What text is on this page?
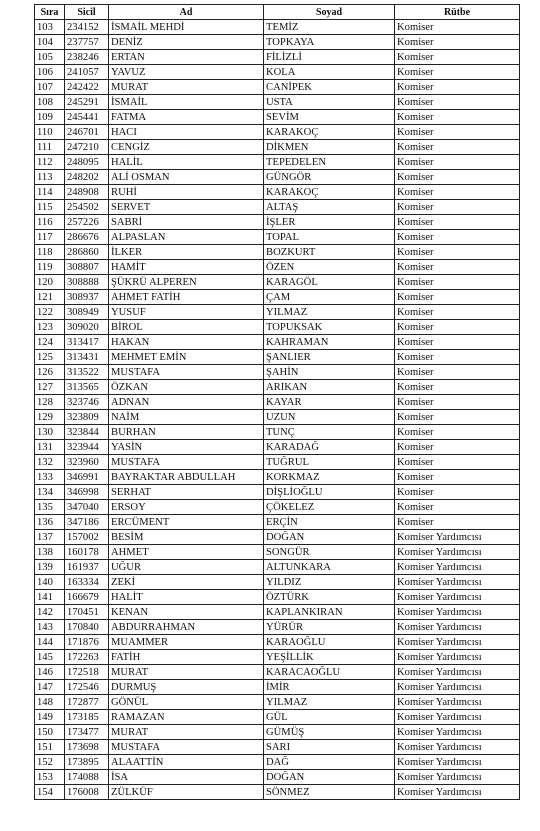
Sıra	Sicil	Ad	Soyad	Rütbe
103	234152	İSMAİL MEHDİ	TEMİZ	Komiser
104	237757	DENİZ	TOPKAYA	Komiser
105	238246	ERTAN	FİLİZLİ	Komiser
106	241057	YAVUZ	KOLA	Komiser
107	242422	MURAT	CANİPEK	Komiser
108	245291	İSMAİL	USTA	Komiser
109	245441	FATMA	SEVİM	Komiser
110	246701	HACI	KARAKOÇ	Komiser
111	247210	CENGİZ	DİKMEN	Komiser
112	248095	HALİL	TEPEDELEN	Komiser
113	248202	ALİ OSMAN	GÜNGÖR	Komiser
114	248908	RUHİ	KARAKOÇ	Komiser
115	254502	SERVET	ALTAŞ	Komiser
116	257226	SABRİ	İŞLER	Komiser
117	286676	ALPASLAN	TOPAL	Komiser
118	286860	İLKER	BOZKURT	Komiser
119	308807	HAMİT	ÖZEN	Komiser
120	308888	ŞÜKRÜ ALPEREN	KARAGÖL	Komiser
121	308937	AHMET FATİH	ÇAM	Komiser
122	308949	YUSUF	YILMAZ	Komiser
123	309020	BİROL	TOPUKSAK	Komiser
124	313417	HAKAN	KAHRAMAN	Komiser
125	313431	MEHMET EMİN	ŞANLIER	Komiser
126	313522	MUSTAFA	ŞAHİN	Komiser
127	313565	ÖZKAN	ARIKAN	Komiser
128	323746	ADNAN	KAYAR	Komiser
129	323809	NAİM	UZUN	Komiser
130	323844	BURHAN	TUNÇ	Komiser
131	323944	YASİN	KARADAĞ	Komiser
132	323960	MUSTAFA	TUĞRUL	Komiser
133	346991	BAYRAKTAR ABDULLAH	KORKMAZ	Komiser
134	346998	SERHAT	DİŞLİOĞLU	Komiser
135	347040	ERSOY	ÇÖKELEZ	Komiser
136	347186	ERCÜMENT	ERÇİN	Komiser
137	157002	BESİM	DOĞAN	Komiser Yardımcısı
138	160178	AHMET	SONGÜR	Komiser Yardımcısı
139	161937	UĞUR	ALTUNKARA	Komiser Yardımcısı
140	163334	ZEKİ	YILDIZ	Komiser Yardımcısı
141	166679	HALİT	ÖZTÜRK	Komiser Yardımcısı
142	170451	KENAN	KAPLANKIRAN	Komiser Yardımcısı
143	170840	ABDURRAHMAN	YÜRÜR	Komiser Yardımcısı
144	171876	MUAMMER	KARAOĞLU	Komiser Yardımcısı
145	172263	FATİH	YEŞİLLİK	Komiser Yardımcısı
146	172518	MURAT	KARACAOĞLU	Komiser Yardımcısı
147	172546	DURMUŞ	İMİR	Komiser Yardımcısı
148	172877	GÖNÜL	YILMAZ	Komiser Yardımcısı
149	173185	RAMAZAN	GÜL	Komiser Yardımcısı
150	173477	MURAT	GÜMÜŞ	Komiser Yardımcısı
151	173698	MUSTAFA	SARI	Komiser Yardımcısı
152	173895	ALAATTİN	DAĞ	Komiser Yardımcısı
153	174088	İSA	DOĞAN	Komiser Yardımcısı
154	176008	ZÜLKÜF	SÖNMEZ	Komiser Yardımcısı
